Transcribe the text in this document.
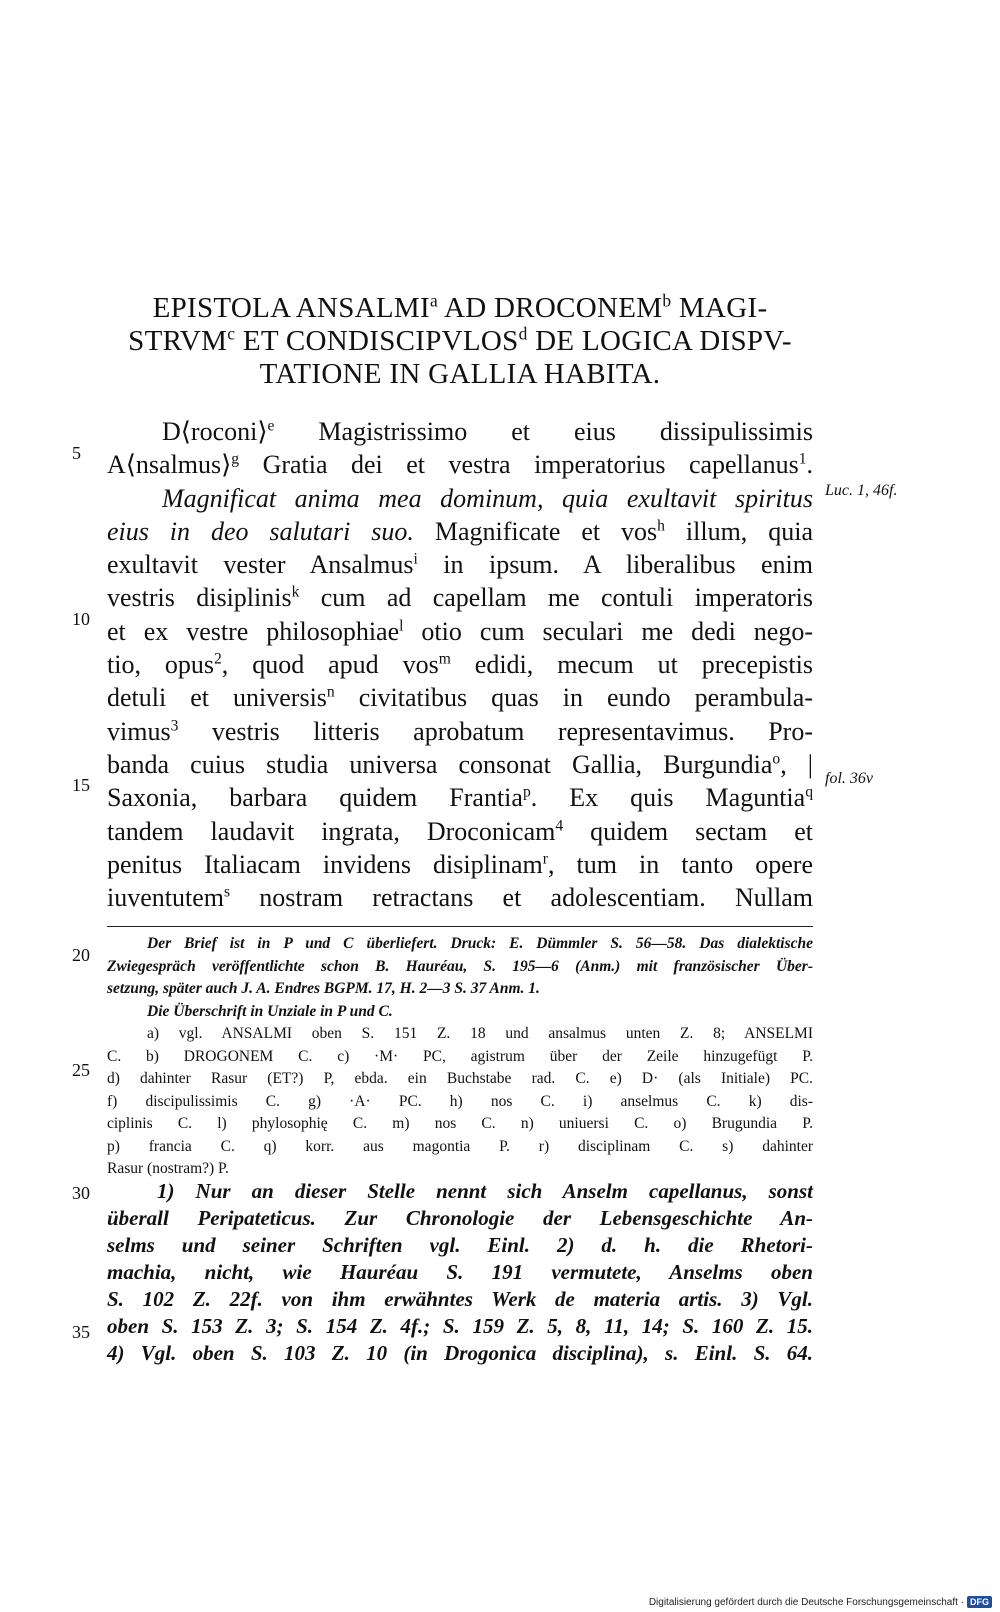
EPISTOLA ANSALMI$^a$ AD DROCONEM$^b$ MAGI-
STRVM$^c$ ET CONDISCIPVLOS$^d$ DE LOGICA DISPV-
TATIONE IN GALLIA HABITA.
D⟨roconi⟩$^e$ Magistrissimo et eius dissipulissimis
A⟨nsalmus⟩$^g$ Gratia dei et vestra imperatorius capellanus$^1$.
Magnificat anima mea dominum, quia exultavit spiritus
eius in deo salutari suo. Magnificate et vos$^h$ illum, quia
exultavit vester Ansalmus$^i$ in ipsum. A liberalibus enim
vestris disiplinis$^k$ cum ad capellam me contuli imperatoris
et ex vestre philosophiae$^l$ otio cum seculari me dedi nego-
tio, opus$^2$, quod apud vos$^m$ edidi, mecum ut precepistis
detuli et universis$^n$ civitatibus quas in eundo perambula-
vimus$^3$ vestris litteris aprobatum representavimus. Pro-
banda cuius studia universa consonat Gallia, Burgundia$^o$, |
Saxonia, barbara quidem Frantia$^p$. Ex quis Maguntia$^q$
tandem laudavit ingrata, Droconicam$^4$ quidem sectam et
penitus Italiacam invidens disiplinam$^r$, tum in tanto opere
iuventutem$^s$ nostram retractans et adolescentiam. Nullam
5
10
15
20
25
30
35
Luc. 1, 46f.
fol. 36v
Der Brief ist in P und C überliefert. Druck: E. Dümmler S. 56—58. Das dialektische
Zwiegespräch veröffentlichte schon B. Hauréau, S. 195—6 (Anm.) mit französischer Über-
setzung, später auch J. A. Endres BGPM. 17, H. 2—3 S. 37 Anm. 1.
Die Überschrift in Unziale in P und C.
a) vgl. ANSALMI oben S. 151 Z. 18 und ansalmus unten Z. 8; ANSELMI
C. b) DROGONEM C. c) ·M· PC, agistrum über der Zeile hinzugefügt P.
d) dahinter Rasur (ET?) P, ebda. ein Buchstabe rad. C. e) D· (als Initiale) PC.
f) discipulissimis C. g) ·A· PC. h) nos C. i) anselmus C. k) dis-
ciplinis C. l) phylosophię C. m) nos C. n) uniuersi C. o) Brugundia P.
p) francia C. q) korr. aus magontia P. r) disciplinam C. s) dahinter
Rasur (nostram?) P.
1) Nur an dieser Stelle nennt sich Anselm capellanus, sonst
überall Peripateticus. Zur Chronologie der Lebensgeschichte An-
selms und seiner Schriften vgl. Einl. 2) d. h. die Rhetori-
machia, nicht, wie Hauréau S. 191 vermutete, Anselms oben
S. 102 Z. 22f. von ihm erwähntes Werk de materia artis. 3) Vgl.
oben S. 153 Z. 3; S. 154 Z. 4f.; S. 159 Z. 5, 8, 11, 14; S. 160 Z. 15.
4) Vgl. oben S. 103 Z. 10 (in Drogonica disciplina), s. Einl. S. 64.
Digitalisierung gefördert durch die Deutsche Forschungsgemeinschaft · DFG
